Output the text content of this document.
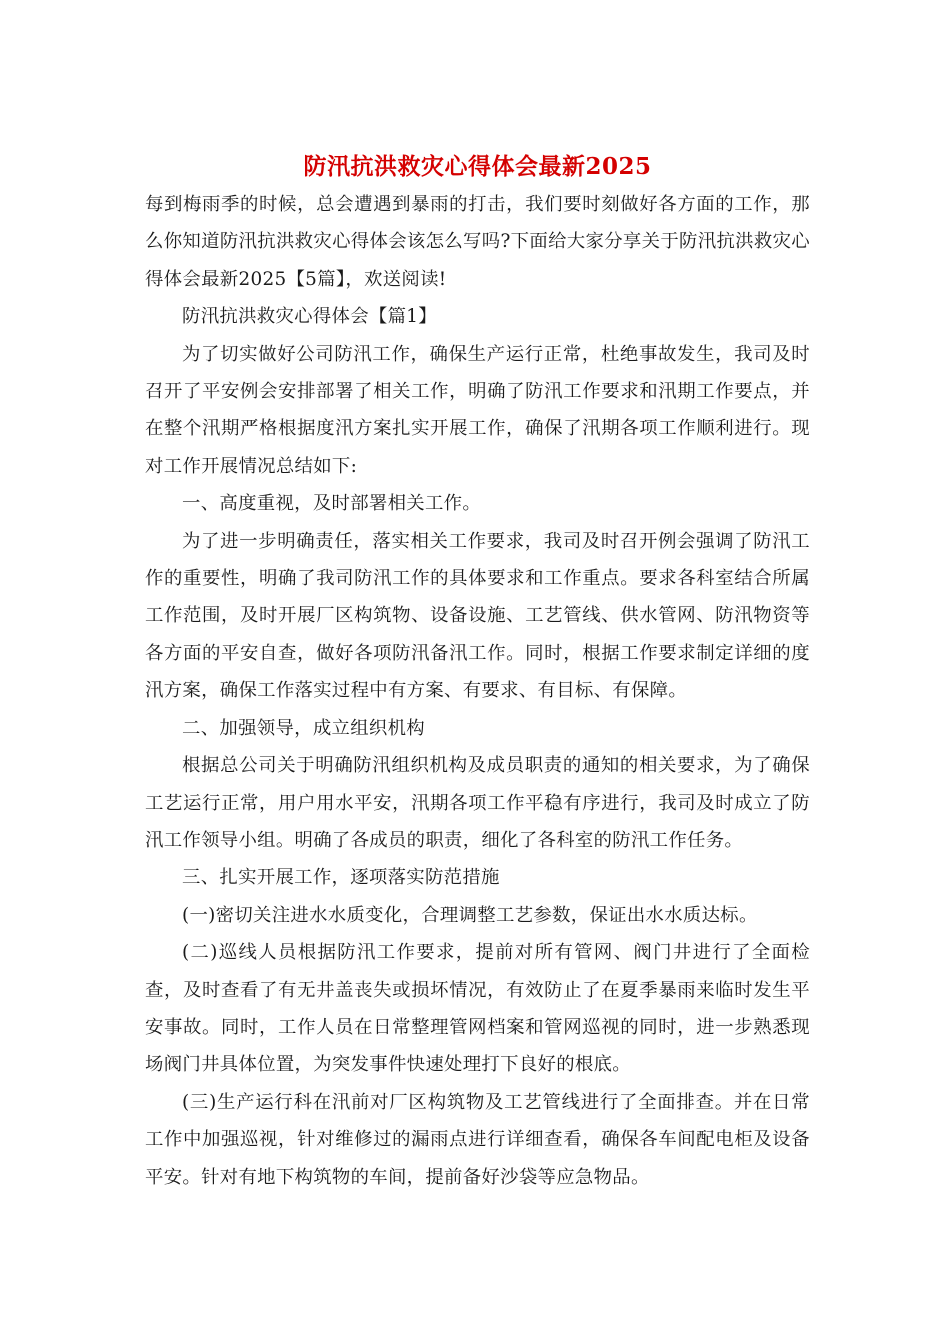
防汛抗洪救灾心得体会最新2025

每到梅雨季的时候，总会遭遇到暴雨的打击，我们要时刻做好各方面的工作，那么你知道防汛抗洪救灾心得体会该怎么写吗?下面给大家分享关于防汛抗洪救灾心得体会最新2025【5篇】，欢送阅读!

防汛抗洪救灾心得体会【篇1】

为了切实做好公司防汛工作，确保生产运行正常，杜绝事故发生，我司及时召开了平安例会安排部署了相关工作，明确了防汛工作要求和汛期工作要点，并在整个汛期严格根据度汛方案扎实开展工作，确保了汛期各项工作顺利进行。现对工作开展情况总结如下:

一、高度重视，及时部署相关工作。

为了进一步明确责任，落实相关工作要求，我司及时召开例会强调了防汛工作的重要性，明确了我司防汛工作的具体要求和工作重点。要求各科室结合所属工作范围，及时开展厂区构筑物、设备设施、工艺管线、供水管网、防汛物资等各方面的平安自查，做好各项防汛备汛工作。同时，根据工作要求制定详细的度汛方案，确保工作落实过程中有方案、有要求、有目标、有保障。

二、加强领导，成立组织机构

根据总公司关于明确防汛组织机构及成员职责的通知的相关要求，为了确保工艺运行正常，用户用水平安，汛期各项工作平稳有序进行，我司及时成立了防汛工作领导小组。明确了各成员的职责，细化了各科室的防汛工作任务。

三、扎实开展工作，逐项落实防范措施

(一)密切关注进水水质变化，合理调整工艺参数，保证出水水质达标。

(二)巡线人员根据防汛工作要求，提前对所有管网、阀门井进行了全面检查，及时查看了有无井盖丧失或损坏情况，有效防止了在夏季暴雨来临时发生平安事故。同时，工作人员在日常整理管网档案和管网巡视的同时，进一步熟悉现场阀门井具体位置，为突发事件快速处理打下良好的根底。

(三)生产运行科在汛前对厂区构筑物及工艺管线进行了全面排查。并在日常工作中加强巡视，针对维修过的漏雨点进行详细查看，确保各车间配电柜及设备平安。针对有地下构筑物的车间，提前备好沙袋等应急物品。
